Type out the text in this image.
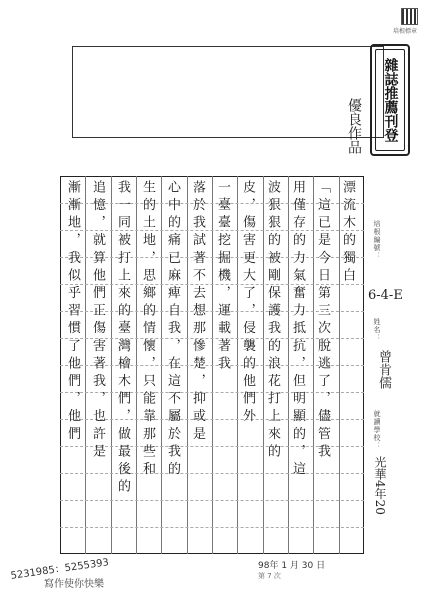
培根標章
雜誌推薦刊登
優良作品
漂流木的獨白
「這已是今日第三次脫逃了，儘管我
用僅存的力氣奮力抵抗，但明顯的，這
波狠狠的被剛保護我的浪花打上來的
皮，傷害更大了，侵襲的他們外
一臺臺挖掘機，運載著我
落於我試著不去想那慘楚，抑或是
心中的痛已麻痺自我，在這不屬於我的
生的土地，思鄉的情懷，只能靠那些和
我一同被打上來的臺灣檜木們，做最後的
追憶，就算他們正傷害著我，也許是
漸漸地，我似乎習慣了他們，他們	培根編號：
6-4-E
姓名：
曾肯儒
就讀學校：
光華4年20
5231985：5255393
寫作使你快樂
98年 1 月 30 日
第 7 次
